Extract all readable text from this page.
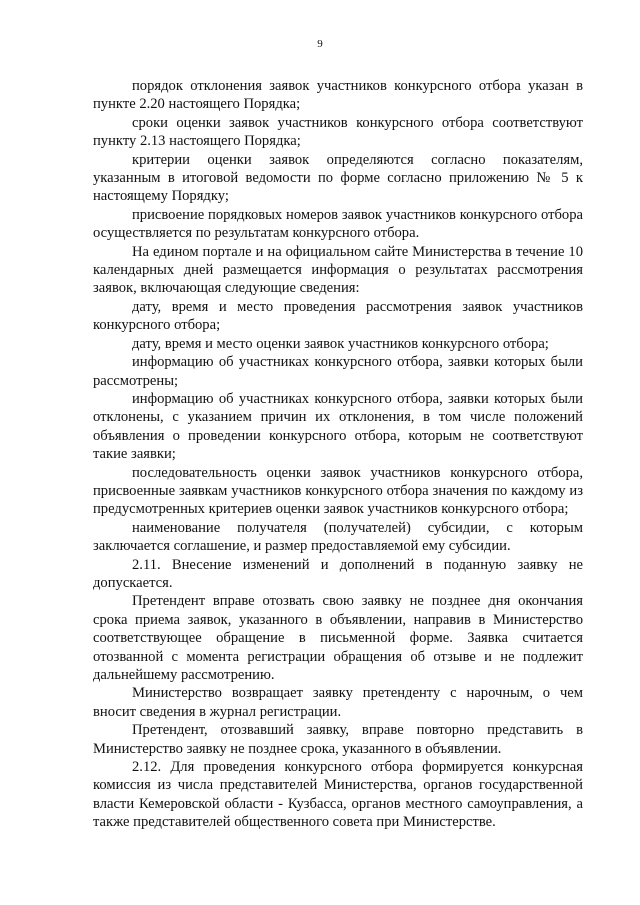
9

порядок отклонения заявок участников конкурсного отбора указан в пункте 2.20 настоящего Порядка;

сроки оценки заявок участников конкурсного отбора соответствуют пункту 2.13 настоящего Порядка;

критерии оценки заявок определяются согласно показателям, указанным в итоговой ведомости по форме согласно приложению № 5 к настоящему Порядку;

присвоение порядковых номеров заявок участников конкурсного отбора осуществляется по результатам конкурсного отбора.

На едином портале и на официальном сайте Министерства в течение 10 календарных дней размещается информация о результатах рассмотрения заявок, включающая следующие сведения:

дату, время и место проведения рассмотрения заявок участников конкурсного отбора;

дату, время и место оценки заявок участников конкурсного отбора;

информацию об участниках конкурсного отбора, заявки которых были рассмотрены;

информацию об участниках конкурсного отбора, заявки которых были отклонены, с указанием причин их отклонения, в том числе положений объявления о проведении конкурсного отбора, которым не соответствуют такие заявки;

последовательность оценки заявок участников конкурсного отбора, присвоенные заявкам участников конкурсного отбора значения по каждому из предусмотренных критериев оценки заявок участников конкурсного отбора;

наименование получателя (получателей) субсидии, с которым заключается соглашение, и размер предоставляемой ему субсидии.

2.11. Внесение изменений и дополнений в поданную заявку не допускается.

Претендент вправе отозвать свою заявку не позднее дня окончания срока приема заявок, указанного в объявлении, направив в Министерство соответствующее обращение в письменной форме. Заявка считается отозванной с момента регистрации обращения об отзыве и не подлежит дальнейшему рассмотрению.

Министерство возвращает заявку претенденту с нарочным, о чем вносит сведения в журнал регистрации.

Претендент, отозвавший заявку, вправе повторно представить в Министерство заявку не позднее срока, указанного в объявлении.

2.12. Для проведения конкурсного отбора формируется конкурсная комиссия из числа представителей Министерства, органов государственной власти Кемеровской области - Кузбасса, органов местного самоуправления, а также представителей общественного совета при Министерстве.
